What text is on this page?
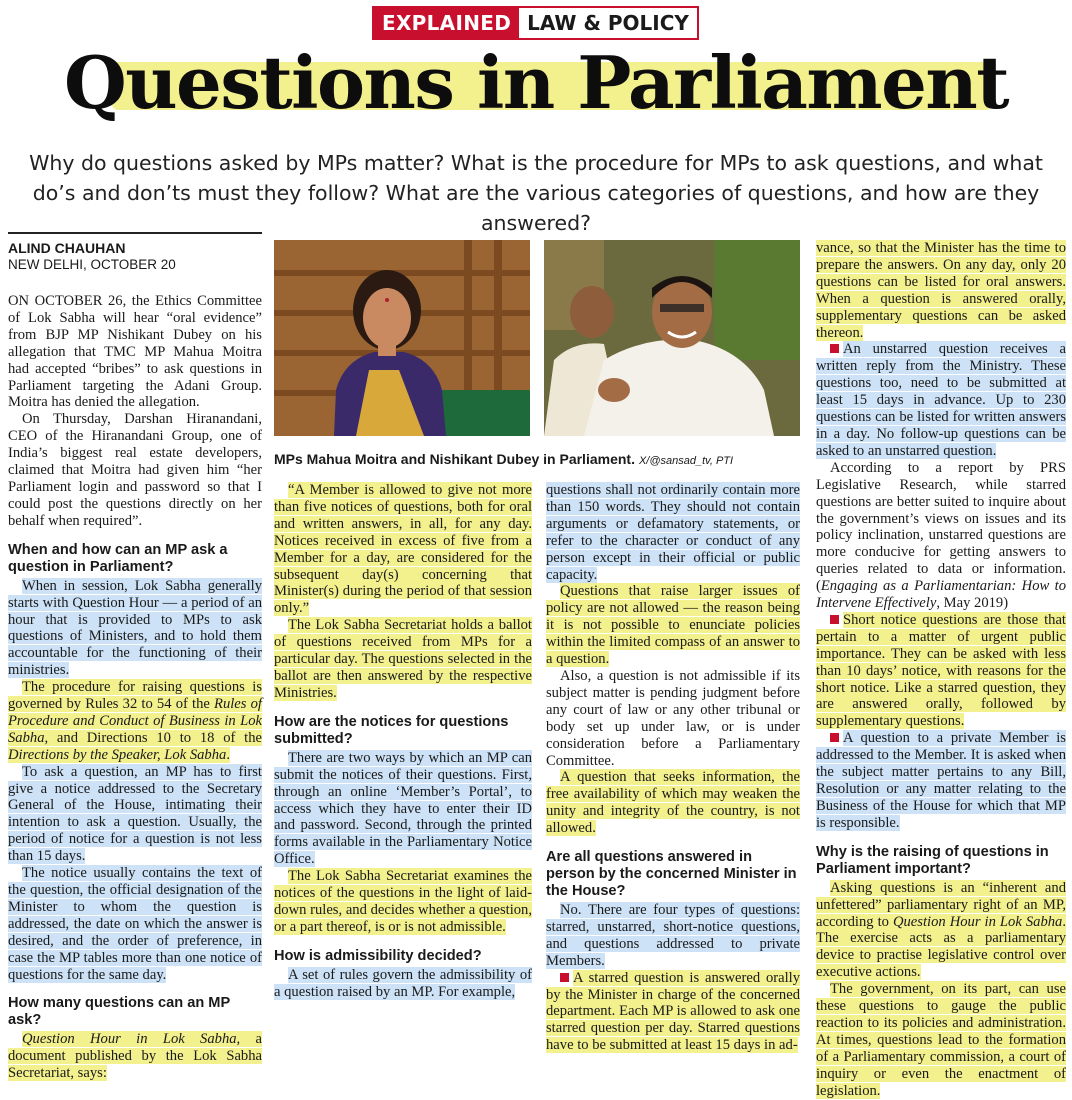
EXPLAINED LAW & POLICY
Questions in Parliament

Why do questions asked by MPs matter? What is the procedure for MPs to ask questions, and what do’s and don’ts must they follow? What are the various categories of questions, and how are they answered?

ALIND CHAUHAN
NEW DELHI, OCTOBER 20

ON OCTOBER 26, the Ethics Committee of Lok Sabha will hear “oral evidence” from BJP MP Nishikant Dubey on his allegation that TMC MP Mahua Moitra had accepted “bribes” to ask questions in Parliament targeting the Adani Group. Moitra has denied the allegation.

On Thursday, Darshan Hiranandani, CEO of the Hiranandani Group, one of India’s biggest real estate developers, claimed that Moitra had given him “her Parliament login and password so that I could post the questions directly on her behalf when required”.

When and how can an MP ask a question in Parliament?

When in session, Lok Sabha generally starts with Question Hour — a period of an hour that is provided to MPs to ask questions of Ministers, and to hold them accountable for the functioning of their ministries.

The procedure for raising questions is governed by Rules 32 to 54 of the Rules of Procedure and Conduct of Business in Lok Sabha, and Directions 10 to 18 of the Directions by the Speaker, Lok Sabha.

To ask a question, an MP has to first give a notice addressed to the Secretary General of the House, intimating their intention to ask a question. Usually, the period of notice for a question is not less than 15 days.

The notice usually contains the text of the question, the official designation of the Minister to whom the question is addressed, the date on which the answer is desired, and the order of preference, in case the MP tables more than one notice of questions for the same day.

How many questions can an MP ask?

Question Hour in Lok Sabha, a document published by the Lok Sabha Secretariat, says:

MPs Mahua Moitra and Nishikant Dubey in Parliament. X/@sansad_tv, PTI

“A Member is allowed to give not more than five notices of questions, both for oral and written answers, in all, for any day. Notices received in excess of five from a Member for a day, are considered for the subsequent day(s) concerning that Minister(s) during the period of that session only.”

The Lok Sabha Secretariat holds a ballot of questions received from MPs for a particular day. The questions selected in the ballot are then answered by the respective Ministries.

How are the notices for questions submitted?

There are two ways by which an MP can submit the notices of their questions. First, through an online ‘Member’s Portal’, to access which they have to enter their ID and password. Second, through the printed forms available in the Parliamentary Notice Office.

The Lok Sabha Secretariat examines the notices of the questions in the light of laid-down rules, and decides whether a question, or a part thereof, is or is not admissible.

How is admissibility decided?

A set of rules govern the admissibility of a question raised by an MP. For example,

questions shall not ordinarily contain more than 150 words. They should not contain arguments or defamatory statements, or refer to the character or conduct of any person except in their official or public capacity.

Questions that raise larger issues of policy are not allowed — the reason being it is not possible to enunciate policies within the limited compass of an answer to a question.

Also, a question is not admissible if its subject matter is pending judgment before any court of law or any other tribunal or body set up under law, or is under consideration before a Parliamentary Committee.

A question that seeks information, the free availability of which may weaken the unity and integrity of the country, is not allowed.

Are all questions answered in person by the concerned Minister in the House?

No. There are four types of questions: starred, unstarred, short-notice questions, and questions addressed to private Members.

A starred question is answered orally by the Minister in charge of the concerned department. Each MP is allowed to ask one starred question per day. Starred questions have to be submitted at least 15 days in ad-

vance, so that the Minister has the time to prepare the answers. On any day, only 20 questions can be listed for oral answers. When a question is answered orally, supplementary questions can be asked thereon.

An unstarred question receives a written reply from the Ministry. These questions too, need to be submitted at least 15 days in advance. Up to 230 questions can be listed for written answers in a day. No follow-up questions can be asked to an unstarred question.

According to a report by PRS Legislative Research, while starred questions are better suited to inquire about the government’s views on issues and its policy inclination, unstarred questions are more conducive for getting answers to queries related to data or information. (Engaging as a Parliamentarian: How to Intervene Effectively, May 2019)

Short notice questions are those that pertain to a matter of urgent public importance. They can be asked with less than 10 days’ notice, with reasons for the short notice. Like a starred question, they are answered orally, followed by supplementary questions.

A question to a private Member is addressed to the Member. It is asked when the subject matter pertains to any Bill, Resolution or any matter relating to the Business of the House for which that MP is responsible.

Why is the raising of questions in Parliament important?

Asking questions is an “inherent and unfettered” parliamentary right of an MP, according to Question Hour in Lok Sabha. The exercise acts as a parliamentary device to practise legislative control over executive actions.

The government, on its part, can use these questions to gauge the public reaction to its policies and administration. At times, questions lead to the formation of a Parliamentary commission, a court of inquiry or even the enactment of legislation.
